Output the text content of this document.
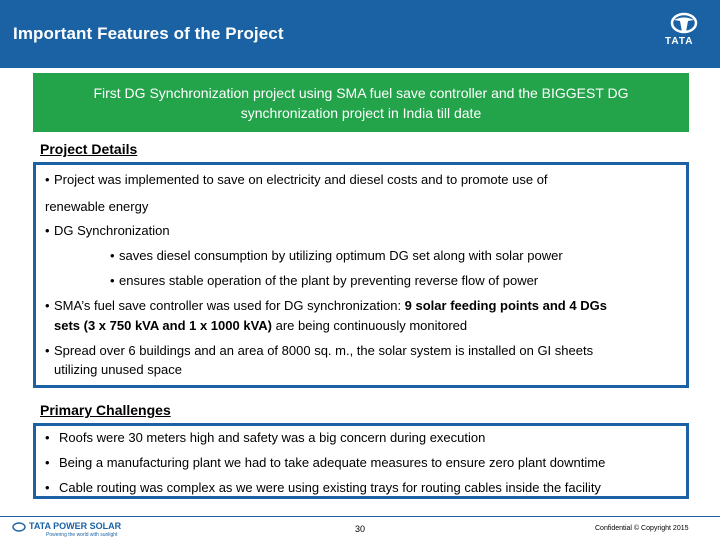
Important Features of the Project	TATA
First DG Synchronization project using SMA fuel save controller and the BIGGEST DG
synchronization project in India till date
Project Details
• Project was implemented to save on electricity and diesel costs and to promote use of
renewable energy
• DG Synchronization
• saves diesel consumption by utilizing optimum DG set along with solar power
• ensures stable operation of the plant by preventing reverse flow of power
• SMA’s fuel save controller was used for DG synchronization: 9 solar feeding points and 4 DGs
sets (3 x 750 kVA and 1 x 1000 kVA) are being continuously monitored
• Spread over 6 buildings and an area of 8000 sq. m., the solar system is installed on GI sheets
utilizing unused space
Primary Challenges
• Roofs were 30 meters high and safety was a big concern during execution
• Being a manufacturing plant we had to take adequate measures to ensure zero plant downtime
• Cable routing was complex as we were using existing trays for routing cables inside the facility
TATA POWER SOLAR
Powering the world with sunlight
30	Confidential © Copyright 2015
